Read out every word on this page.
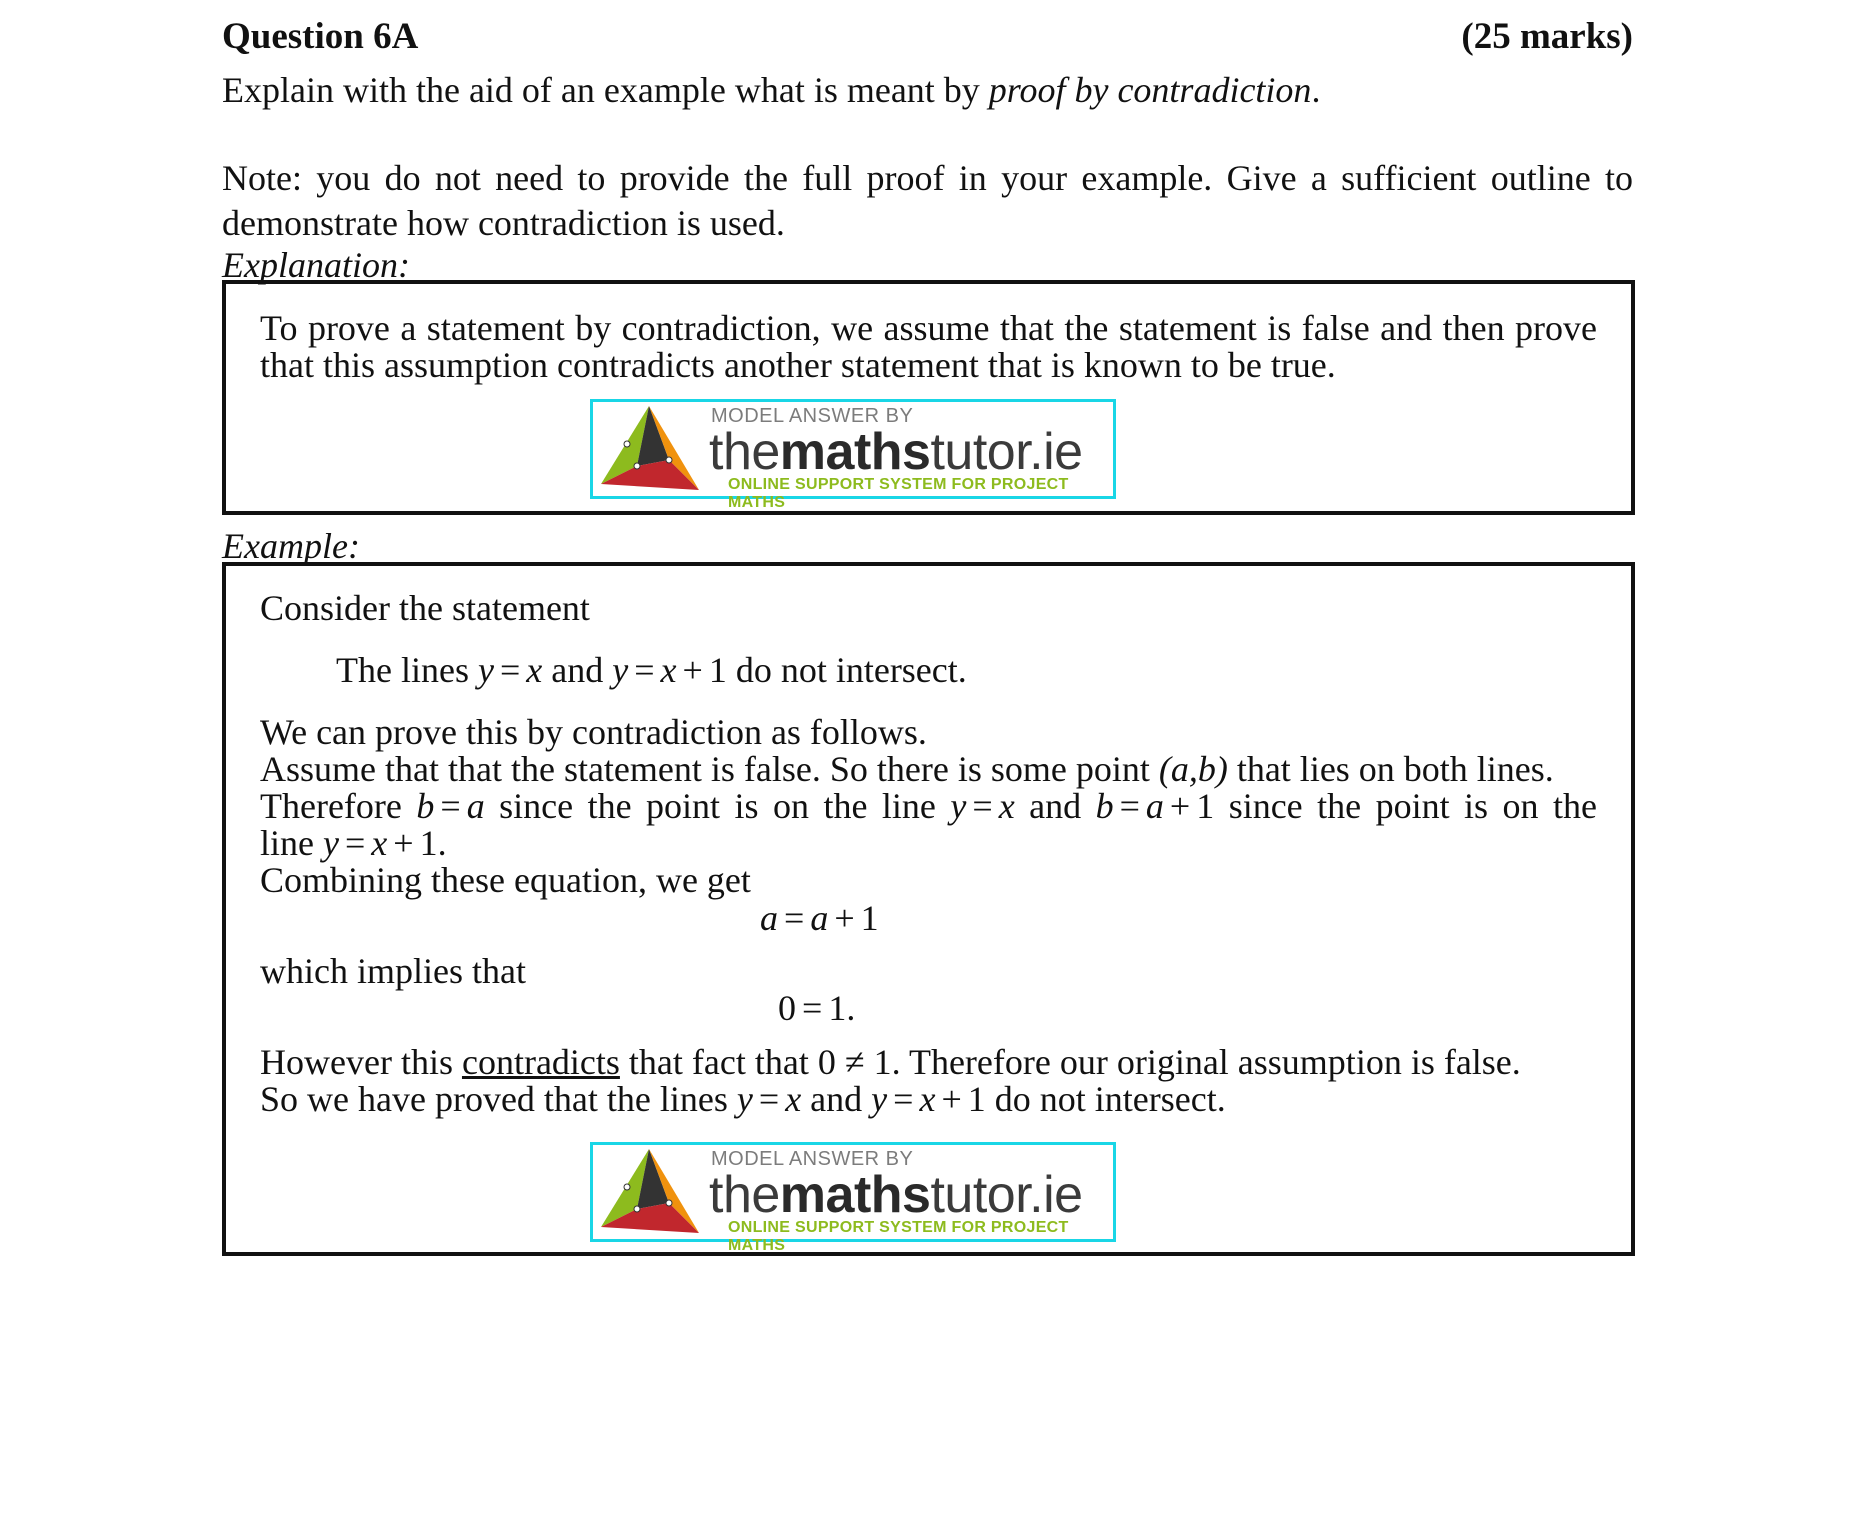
Question 6A	(25 marks)
Explain with the aid of an example what is meant by proof by contradiction.
Note: you do not need to provide the full proof in your example. Give a sufficient outline to demonstrate how contradiction is used.
Explanation:
To prove a statement by contradiction, we assume that the statement is false and then prove
that this assumption contradicts another statement that is known to be true.
MODEL ANSWER BY
themathstutor.ie
ONLINE SUPPORT SYSTEM FOR PROJECT MATHS
Example:
Consider the statement
The lines y = x and y = x + 1 do not intersect.
We can prove this by contradiction as follows.
Assume that that the statement is false. So there is some point (a,b) that lies on both lines.
Therefore b = a since the point is on the line y = x and b = a + 1 since the point is on the
line y = x + 1.
Combining these equation, we get
a = a + 1
which implies that
0 = 1.
However this contradicts that fact that 0 ≠ 1. Therefore our original assumption is false.
So we have proved that the lines y = x and y = x + 1 do not intersect.
MODEL ANSWER BY
themathstutor.ie
ONLINE SUPPORT SYSTEM FOR PROJECT MATHS
